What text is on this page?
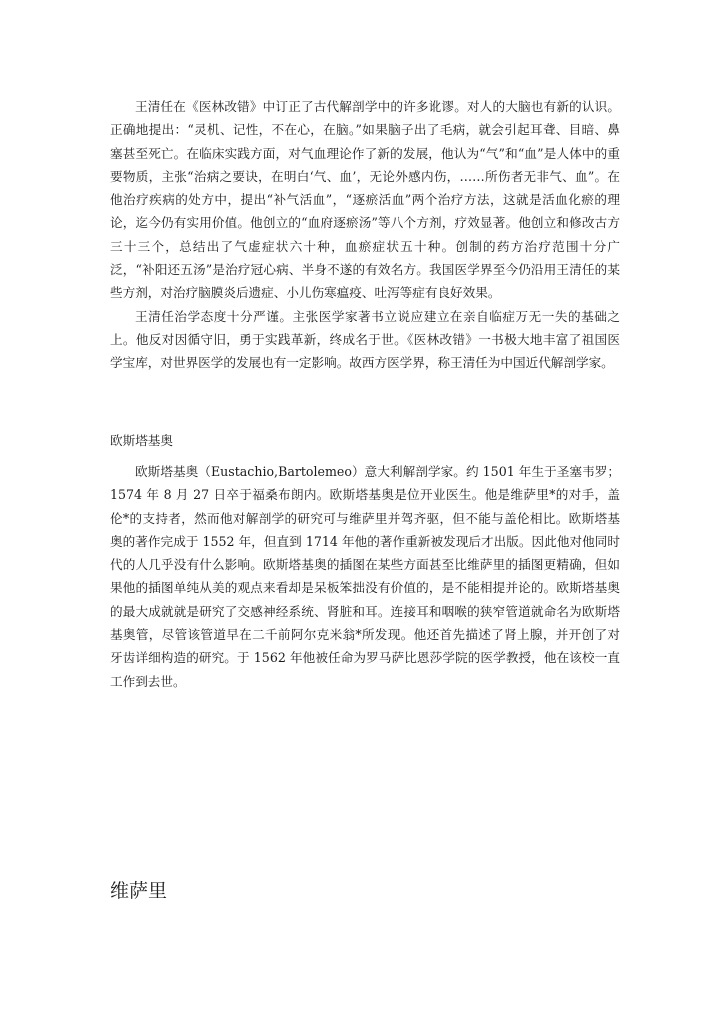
王清任在《医林改错》中订正了古代解剖学中的许多讹谬。对人的大脑也有新的认识。正确地提出：“灵机、记性，不在心，在脑。”如果脑子出了毛病，就会引起耳聋、目暗、鼻塞甚至死亡。在临床实践方面，对气血理论作了新的发展，他认为“气”和“血”是人体中的重要物质，主张“治病之要诀，在明白‘气、血’，无论外感内伤，……所伤者无非气、血”。在他治疗疾病的处方中，提出“补气活血”，“逐瘀活血”两个治疗方法，这就是活血化瘀的理论，迄今仍有实用价值。他创立的“血府逐瘀汤”等八个方剂，疗效显著。他创立和修改古方三十三个，总结出了气虚症状六十种，血瘀症状五十种。创制的药方治疗范围十分广泛，“补阳还五汤”是治疗冠心病、半身不遂的有效名方。我国医学界至今仍沿用王清任的某些方剂，对治疗脑膜炎后遗症、小儿伤寒瘟疫、吐泻等症有良好效果。

王清任治学态度十分严谨。主张医学家著书立说应建立在亲自临症万无一失的基础之上。他反对因循守旧，勇于实践革新，终成名于世。《医林改错》一书极大地丰富了祖国医学宝库，对世界医学的发展也有一定影响。故西方医学界，称王清任为中国近代解剖学家。

欧斯塔基奥

欧斯塔基奥（Eustachio,Bartolemeo）意大利解剖学家。约 1501 年生于圣塞韦罗；1574 年 8 月 27 日卒于福桑布朗内。欧斯塔基奥是位开业医生。他是维萨里*的对手，盖伦*的支持者，然而他对解剖学的研究可与维萨里并驾齐驱，但不能与盖伦相比。欧斯塔基奥的著作完成于 1552 年，但直到 1714 年他的著作重新被发现后才出版。因此他对他同时代的人几乎没有什么影响。欧斯塔基奥的插图在某些方面甚至比维萨里的插图更精确，但如果他的插图单纯从美的观点来看却是呆板笨拙没有价值的，是不能相提并论的。欧斯塔基奥的最大成就就是研究了交感神经系统、肾脏和耳。连接耳和咽喉的狭窄管道就命名为欧斯塔基奥管，尽管该管道早在二千前阿尔克米翁*所发现。他还首先描述了肾上腺，并开创了对牙齿详细构造的研究。于 1562 年他被任命为罗马萨比恩莎学院的医学教授，他在该校一直工作到去世。

维萨里
